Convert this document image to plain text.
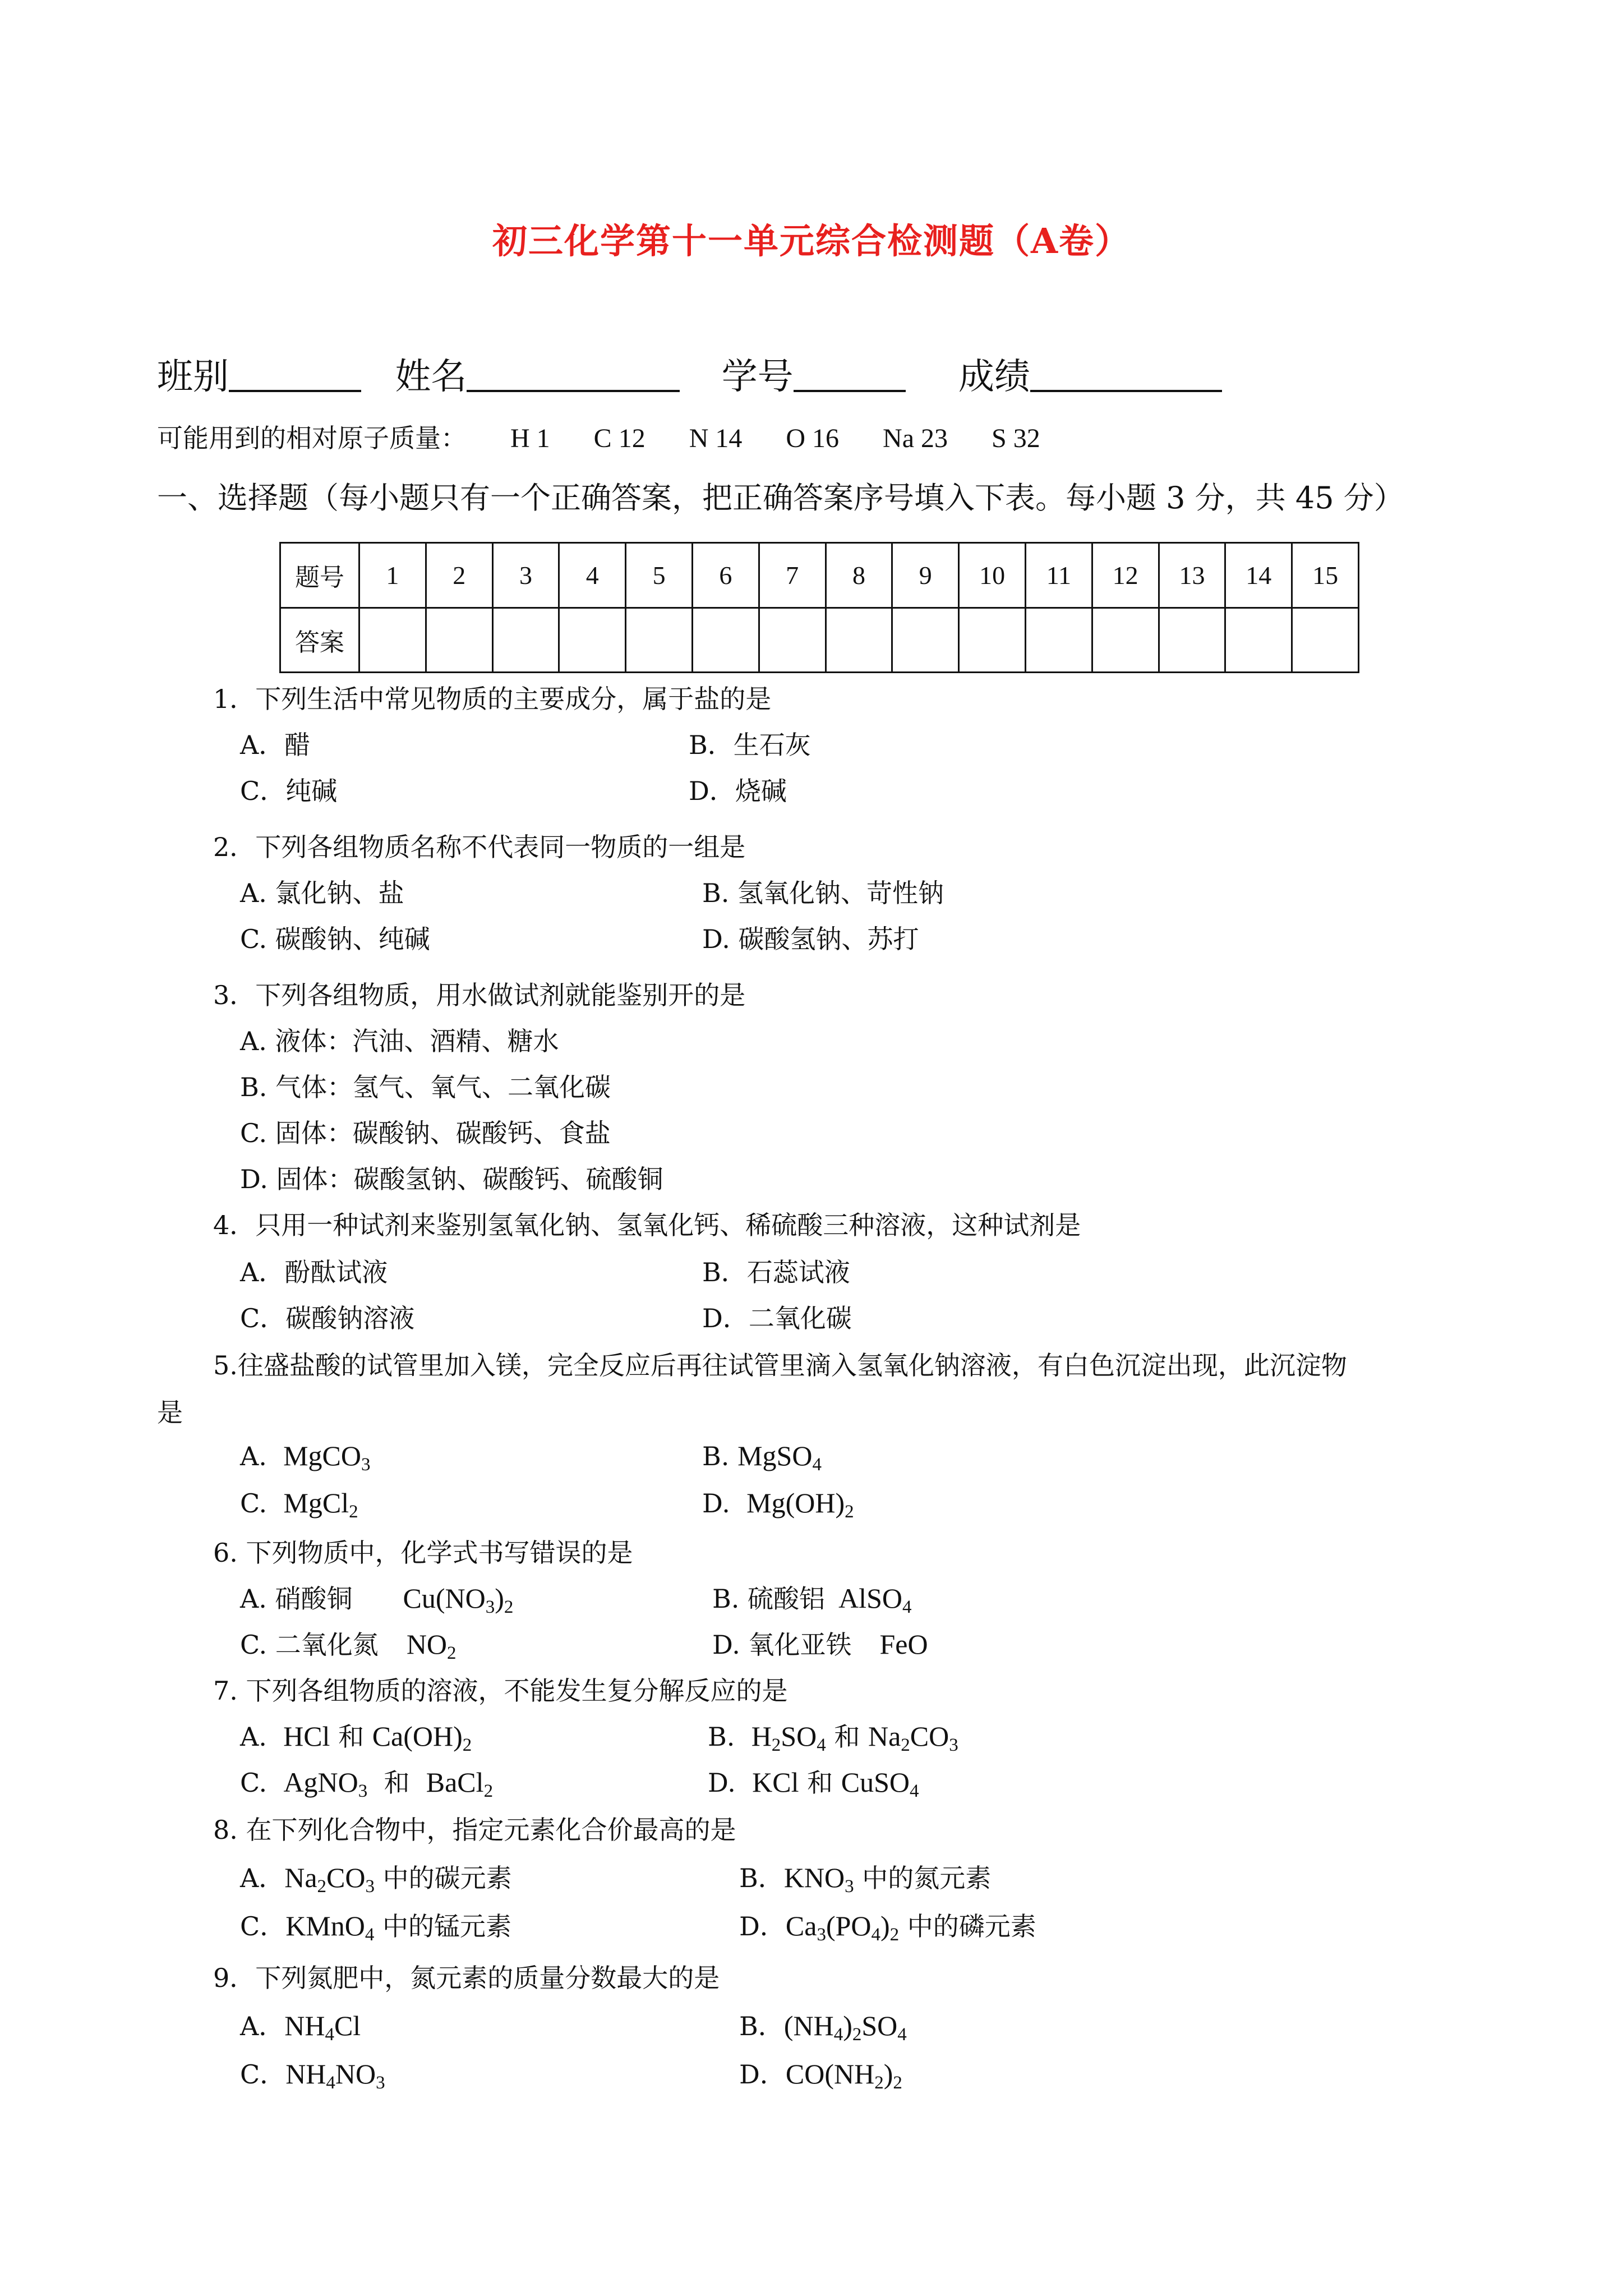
初三化学第十一单元综合检测题（A卷）
班别	姓名	学号	成绩
可能用到的相对原子质量： H 1 C 12 N 14 O 16 Na 23 S 32
一、选择题（每小题只有一个正确答案，把正确答案序号填入下表。每小题 3 分，共 45 分）
题号	1	2	3	4	5	6	7	8	9	10	11	12	13	14	15
答案															
1．下列生活中常见物质的主要成分，属于盐的是
A．醋	B．生石灰
C．纯碱	D．烧碱
2．下列各组物质名称不代表同一物质的一组是
A. 氯化钠、盐	B. 氢氧化钠、苛性钠
C. 碳酸钠、纯碱	D. 碳酸氢钠、苏打
3．下列各组物质，用水做试剂就能鉴别开的是
A. 液体：汽油、酒精、糖水
B. 气体：氢气、氧气、二氧化碳
C. 固体：碳酸钠、碳酸钙、食盐
D. 固体：碳酸氢钠、碳酸钙、硫酸铜
4．只用一种试剂来鉴别氢氧化钠、氢氧化钙、稀硫酸三种溶液，这种试剂是
A．酚酞试液	B．石蕊试液
C．碳酸钠溶液	D．二氧化碳
5.往盛盐酸的试管里加入镁，完全反应后再往试管里滴入氢氧化钠溶液，有白色沉淀出现，此沉淀物
是
A. MgCO$_3$	B. MgSO$_4$
C. MgCl$_2$	D. $Mg(OH)_2$
6. 下列物质中，化学式书写错误的是
A. 硝酸铜 $Cu(NO_3)_2$	B. 硫酸铝 AlSO$_4$
C. 二氧化氮 $NO_2$	D. 氧化亚铁 FeO
7. 下列各组物质的溶液，不能发生复分解反应的是
A. HCl 和 $Ca(OH)_2$	B. $H_2SO_4$ 和 $Na_2CO_3$
C. AgNO$_3$ 和 BaCl$_2$	D. KCl 和 CuSO$_4$
8. 在下列化合物中，指定元素化合价最高的是
A．$Na_2CO_3$ 中的碳元素	B．$KNO_3$ 中的氮元素
C．KMnO$_4$ 中的锰元素	D．$Ca_3(PO_4)_2$ 中的磷元素
9．下列氮肥中，氮元素的质量分数最大的是
A．$NH_4Cl$	B．$(NH_4)_2SO_4$
C．$NH_4NO_3$	D．$CO(NH_2)_2$
